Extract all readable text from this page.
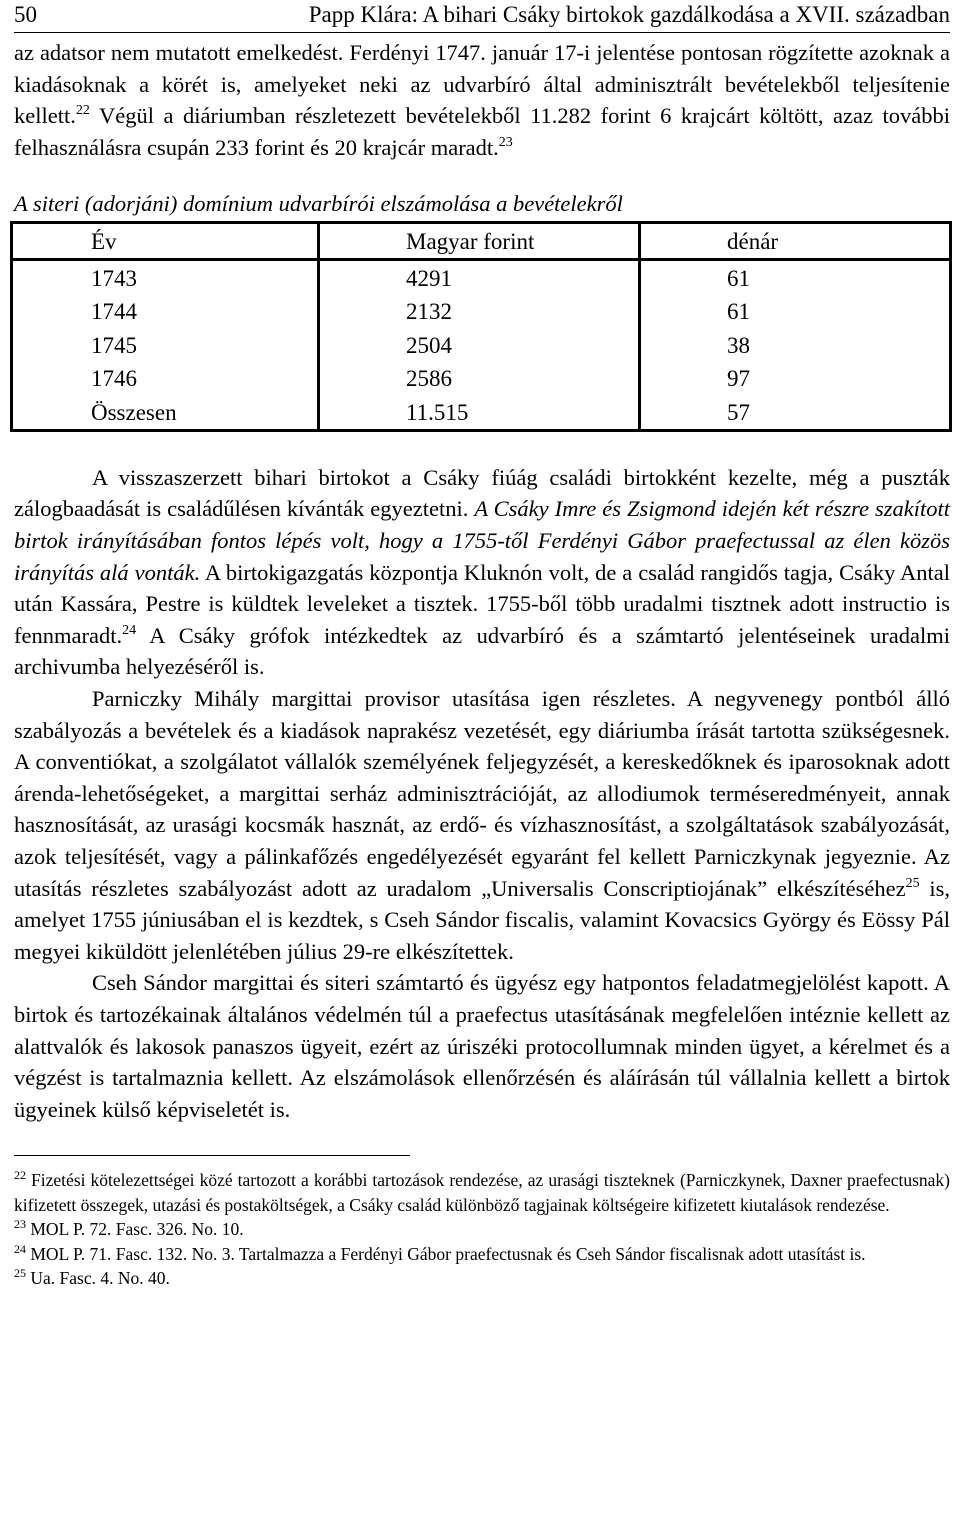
50	Papp Klára: A bihari Csáky birtokok gazdálkodása a XVII. században

az adatsor nem mutatott emelkedést. Ferdényi 1747. január 17-i jelentése pontosan rögzítette azoknak a kiadásoknak a körét is, amelyeket neki az udvarbíró által adminisztrált bevételekből teljesítenie kellett.$^{22}$ Végül a diáriumban részletezett bevételekből 11.282 forint 6 krajcárt költött, azaz további felhasználásra csupán 233 forint és 20 krajcár maradt.$^{23}$

A siteri (adorjáni) domínium udvarbírói elszámolása a bevételekről
Év	Magyar forint	dénár
1743	4291	61
1744	2132	61
1745	2504	38
1746	2586	97
Összesen	11.515	57

A visszaszerzett bihari birtokot a Csáky fiúág családi birtokként kezelte, még a puszták zálogbaadását is családűlésen kívánták egyeztetni. A Csáky Imre és Zsigmond idején két részre szakított birtok irányításában fontos lépés volt, hogy a 1755-től Ferdényi Gábor praefectussal az élen közös irányítás alá vonták. A birtokigazgatás központja Kluknón volt, de a család rangidős tagja, Csáky Antal után Kassára, Pestre is küldtek leveleket a tisztek. 1755-ből több uradalmi tisztnek adott instructio is fennmaradt.$^{24}$ A Csáky grófok intézkedtek az udvarbíró és a számtartó jelentéseinek uradalmi archivumba helyezéséről is.

Parniczky Mihály margittai provisor utasítása igen részletes. A negyvenegy pontból álló szabályozás a bevételek és a kiadások naprakész vezetését, egy diáriumba írását tartotta szükségesnek. A conventiókat, a szolgálatot vállalók személyének feljegyzését, a kereskedőknek és iparosoknak adott árenda-lehetőségeket, a margittai serház adminisztrációját, az allodiumok terméseredményeit, annak hasznosítását, az urasági kocsmák hasznát, az erdő- és vízhasznosítást, a szolgáltatások szabályozását, azok teljesítését, vagy a pálinkafőzés engedélyezését egyaránt fel kellett Parniczkynak jegyeznie. Az utasítás részletes szabályozást adott az uradalom „Universalis Conscriptiojának” elkészítéséhez$^{25}$ is, amelyet 1755 júniusában el is kezdtek, s Cseh Sándor fiscalis, valamint Kovacsics György és Eössy Pál megyei kiküldött jelenlétében július 29-re elkészítettek.

Cseh Sándor margittai és siteri számtartó és ügyész egy hatpontos feladatmegjelölést kapott. A birtok és tartozékainak általános védelmén túl a praefectus utasításának megfelelően intéznie kellett az alattvalók és lakosok panaszos ügyeit, ezért az úriszéki protocollumnak minden ügyet, a kérelmet és a végzést is tartalmaznia kellett. Az elszámolások ellenőrzésén és aláírásán túl vállalnia kellett a birtok ügyeinek külső képviseletét is.

$^{22}$ Fizetési kötelezettségei közé tartozott a korábbi tartozások rendezése, az urasági tiszteknek (Parniczkynek, Daxner praefectusnak) kifizetett összegek, utazási és postaköltségek, a Csáky család különböző tagjainak költségeire kifizetett kiutalások rendezése.

$^{23}$ MOL P. 72. Fasc. 326. No. 10.

$^{24}$ MOL P. 71. Fasc. 132. No. 3. Tartalmazza a Ferdényi Gábor praefectusnak és Cseh Sándor fiscalisnak adott utasítást is.

$^{25}$ Ua. Fasc. 4. No. 40.
